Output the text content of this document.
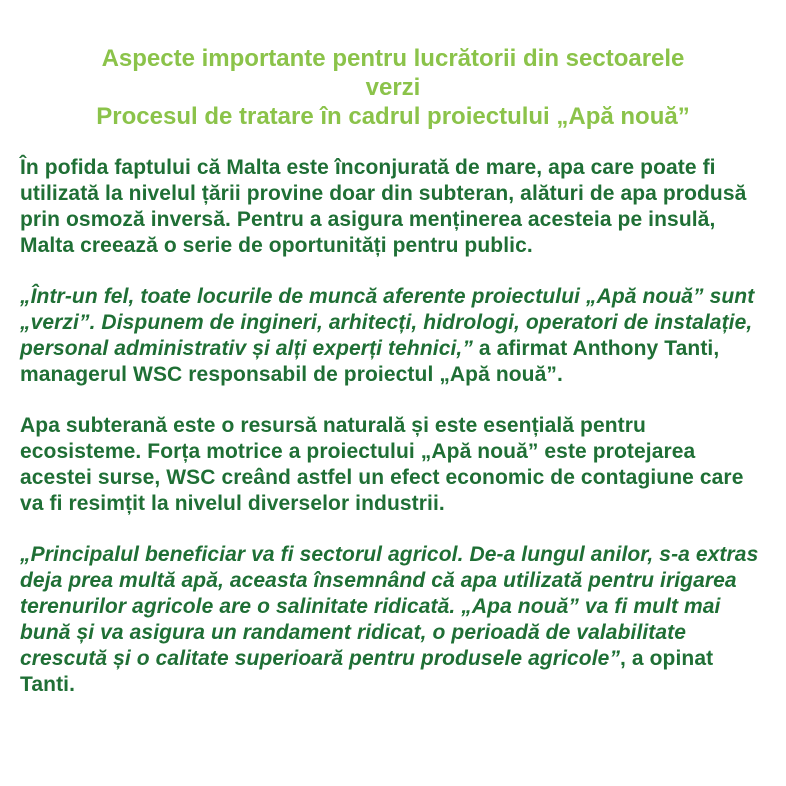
Aspecte importante pentru lucrătorii din sectoarele
verzi
Procesul de tratare în cadrul proiectului „Apă nouă”

În pofida faptului că Malta este înconjurată de mare, apa care poate fi utilizată la nivelul țării provine doar din subteran, alături de apa produsă prin osmoză inversă. Pentru a asigura menținerea acesteia pe insulă, Malta creează o serie de oportunități pentru public.

„Într-un fel, toate locurile de muncă aferente proiectului „Apă nouă” sunt „verzi”. Dispunem de ingineri, arhitecți, hidrologi, operatori de instalație, personal administrativ și alți experți tehnici,” a afirmat Anthony Tanti, managerul WSC responsabil de proiectul „Apă nouă”.

Apa subterană este o resursă naturală și este esențială pentru ecosisteme. Forța motrice a proiectului „Apă nouă” este protejarea acestei surse, WSC creând astfel un efect economic de contagiune care va fi resimțit la nivelul diverselor industrii.

„Principalul beneficiar va fi sectorul agricol. De-a lungul anilor, s-a extras deja prea multă apă, aceasta însemnând că apa utilizată pentru irigarea terenurilor agricole are o salinitate ridicată. „Apa nouă” va fi mult mai bună și va asigura un randament ridicat, o perioadă de valabilitate crescută și o calitate superioară pentru produsele agricole”, a opinat Tanti.
